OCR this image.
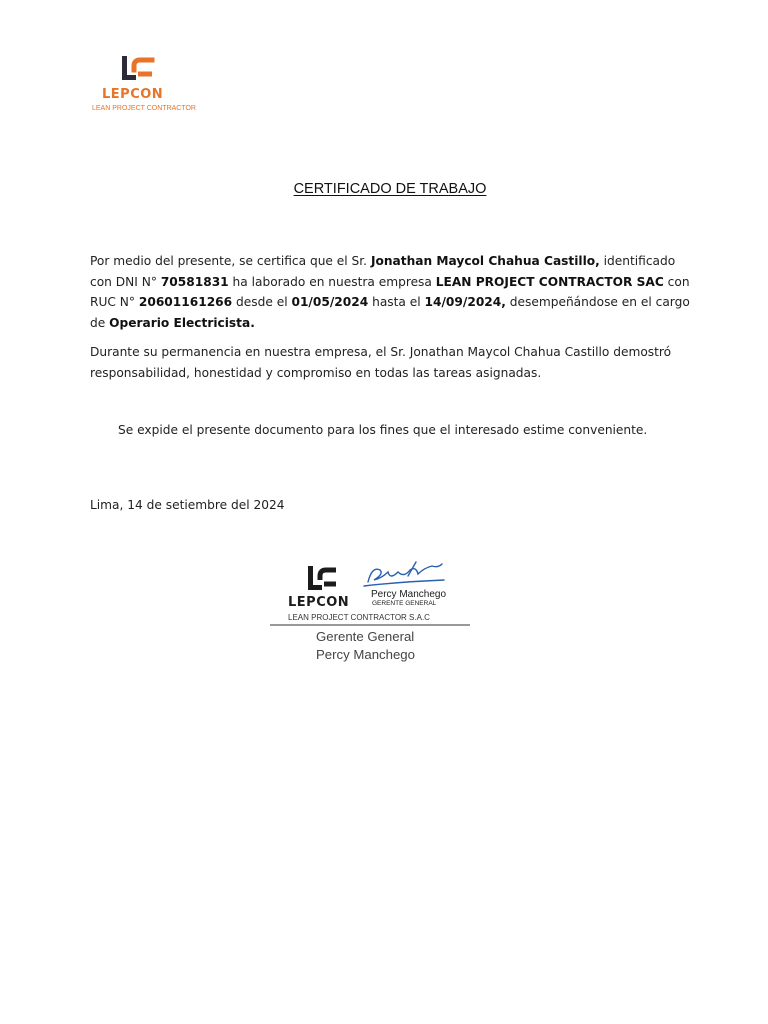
LEPCON
LEAN PROJECT CONTRACTOR
CERTIFICADO DE TRABAJO
Por medio del presente, se certifica que el Sr. Jonathan Maycol Chahua Castillo, identificado con DNI N° 70581831 ha laborado en nuestra empresa LEAN PROJECT CONTRACTOR SAC con RUC N° 20601161266 desde el 01/05/2024 hasta el 14/09/2024, desempeñándose en el cargo de Operario Electricista.
Durante su permanencia en nuestra empresa, el Sr. Jonathan Maycol Chahua Castillo demostró responsabilidad, honestidad y compromiso en todas las tareas asignadas.
Se expide el presente documento para los fines que el interesado estime conveniente.
Lima, 14 de setiembre del 2024
LEPCON
Percy Manchego
GERENTE GENERAL
LEAN PROJECT CONTRACTOR S.A.C
Gerente General
Percy Manchego
